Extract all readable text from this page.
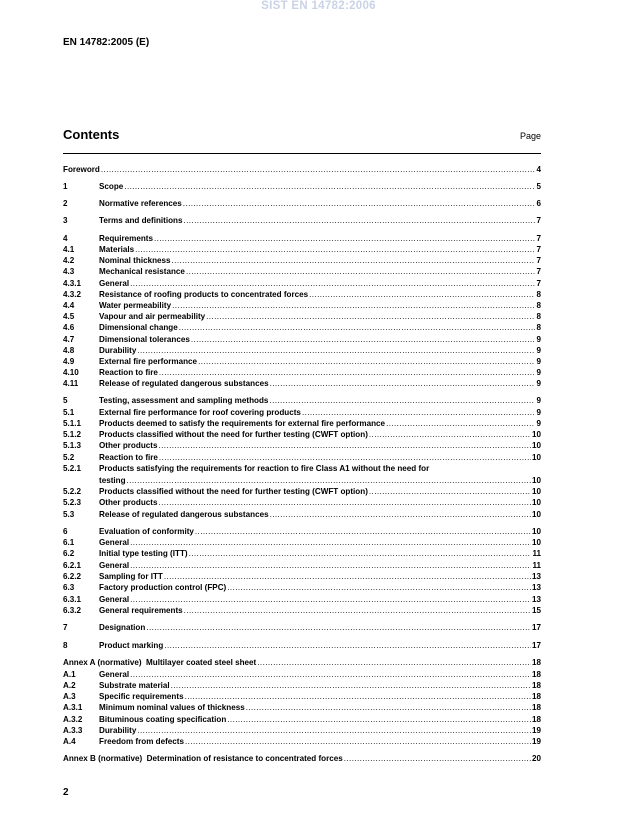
SIST EN 14782:2006
EN 14782:2005 (E)
Contents	Page
Foreword .....	4
1	Scope .....	5
2	Normative references .....	6
3	Terms and definitions .....	7
4	Requirements .....	7
4.1	Materials .....	7
4.2	Nominal thickness .....	7
4.3	Mechanical resistance .....	7
4.3.1	General .....	7
4.3.2	Resistance of roofing products to concentrated forces .....	8
4.4	Water permeability .....	8
4.5	Vapour and air permeability .....	8
4.6	Dimensional change .....	8
4.7	Dimensional tolerances .....	9
4.8	Durability .....	9
4.9	External fire performance .....	9
4.10	Reaction to fire .....	9
4.11	Release of regulated dangerous substances .....	9
5	Testing, assessment and sampling methods .....	9
5.1	External fire performance for roof covering products .....	9
5.1.1	Products deemed to satisfy the requirements for external fire performance .....	9
5.1.2	Products classified without the need for further testing (CWFT option) .....	10
5.1.3	Other products .....	10
5.2	Reaction to fire .....	10
5.2.1	Products satisfying the requirements for reaction to fire Class A1 without the need for
testing .....	10
5.2.2	Products classified without the need for further testing (CWFT option) .....	10
5.2.3	Other products .....	10
5.3	Release of regulated dangerous substances .....	10
6	Evaluation of conformity .....	10
6.1	General .....	10
6.2	Initial type testing (ITT) .....	11
6.2.1	General .....	11
6.2.2	Sampling for ITT .....	13
6.3	Factory production control (FPC) .....	13
6.3.1	General .....	13
6.3.2	General requirements .....	15
7	Designation .....	17
8	Product marking .....	17
Annex A (normative)  Multilayer coated steel sheet .....	18
A.1	General .....	18
A.2	Substrate material .....	18
A.3	Specific requirements .....	18
A.3.1	Minimum nominal values of thickness .....	18
A.3.2	Bituminous coating specification .....	18
A.3.3	Durability .....	19
A.4	Freedom from defects .....	19
Annex B (normative)  Determination of resistance to concentrated forces .....	20
2
